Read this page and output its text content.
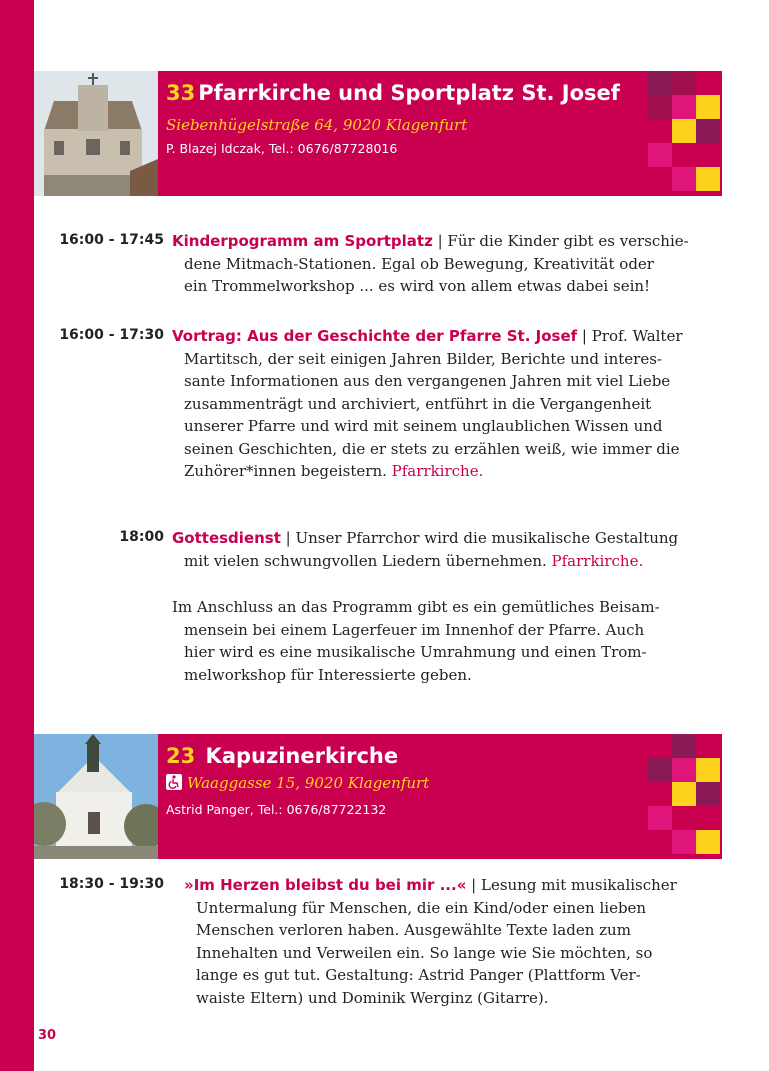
33 Pfarrkirche und Sportplatz St. Josef
Siebenhügelstraße 64, 9020 Klagenfurt
P. Blazej Idczak, Tel.: 0676/87728016
16:00 - 17:45 Kinderpogramm am Sportplatz | Für die Kinder gibt es verschie-
dene Mitmach-Stationen. Egal ob Bewegung, Kreativität oder
ein Trommelworkshop ... es wird von allem etwas dabei sein!
16:00 - 17:30 Vortrag: Aus der Geschichte der Pfarre St. Josef | Prof. Walter
Martitsch, der seit einigen Jahren Bilder, Berichte und interes-
sante Informationen aus den vergangenen Jahren mit viel Liebe
zusammenträgt und archiviert, entführt in die Vergangenheit
unserer Pfarre und wird mit seinem unglaublichen Wissen und
seinen Geschichten, die er stets zu erzählen weiß, wie immer die
Zuhörer*innen begeistern. Pfarrkirche.
18:00 Gottesdienst | Unser Pfarrchor wird die musikalische Gestaltung
mit vielen schwungvollen Liedern übernehmen. Pfarrkirche.
Im Anschluss an das Programm gibt es ein gemütliches Beisam-
mensein bei einem Lagerfeuer im Innenhof der Pfarre. Auch
hier wird es eine musikalische Umrahmung und einen Trom-
melworkshop für Interessierte geben.
23 Kapuzinerkirche
Waaggasse 15, 9020 Klagenfurt
Astrid Panger, Tel.: 0676/87722132
18:30 - 19:30 »Im Herzen bleibst du bei mir ...« | Lesung mit musikalischer
Untermalung für Menschen, die ein Kind/oder einen lieben
Menschen verloren haben. Ausgewählte Texte laden zum
Innehalten und Verweilen ein. So lange wie Sie möchten, so
lange es gut tut. Gestaltung: Astrid Panger (Plattform Ver-
waiste Eltern) und Dominik Werginz (Gitarre).
30
